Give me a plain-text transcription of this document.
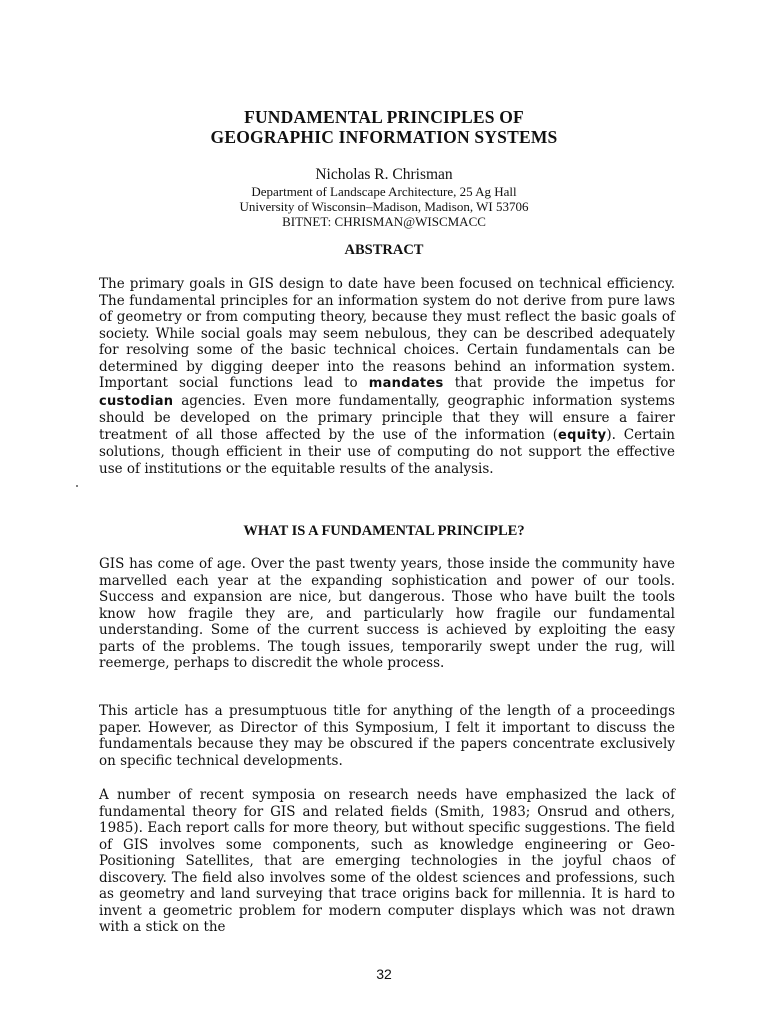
FUNDAMENTAL PRINCIPLES OF
GEOGRAPHIC INFORMATION SYSTEMS

Nicholas R. Chrisman

Department of Landscape Architecture, 25 Ag Hall

University of Wisconsin–Madison, Madison, WI 53706

BITNET: CHRISMAN@WISCMACC

ABSTRACT

The primary goals in GIS design to date have been focused on technical efficiency. The fundamental principles for an information system do not derive from pure laws of geometry or from computing theory, because they must reflect the basic goals of society. While social goals may seem nebulous, they can be described adequately for resolving some of the basic technical choices. Certain fundamentals can be determined by digging deeper into the reasons behind an information system. Important social functions lead to mandates that provide the impetus for custodian agencies. Even more fundamentally, geographic information systems should be developed on the primary principle that they will ensure a fairer treatment of all those affected by the use of the information (equity). Certain solutions, though efficient in their use of computing do not support the effective use of institutions or the equitable results of the analysis.

WHAT IS A FUNDAMENTAL PRINCIPLE?

GIS has come of age. Over the past twenty years, those inside the community have marvelled each year at the expanding sophistication and power of our tools. Success and expansion are nice, but dangerous. Those who have built the tools know how fragile they are, and particularly how fragile our fundamental understanding. Some of the current success is achieved by exploiting the easy parts of the problems. The tough issues, temporarily swept under the rug, will reemerge, perhaps to discredit the whole process.

This article has a presumptuous title for anything of the length of a proceedings paper. However, as Director of this Symposium, I felt it important to discuss the fundamentals because they may be obscured if the papers concentrate exclusively on specific technical developments.

A number of recent symposia on research needs have emphasized the lack of fundamental theory for GIS and related fields (Smith, 1983; Onsrud and others, 1985). Each report calls for more theory, but without specific suggestions. The field of GIS involves some components, such as knowledge engineering or Geo-Positioning Satellites, that are emerging technologies in the joyful chaos of discovery. The field also involves some of the oldest sciences and professions, such as geometry and land surveying that trace origins back for millennia. It is hard to invent a geometric problem for modern computer displays which was not drawn with a stick on the

32
